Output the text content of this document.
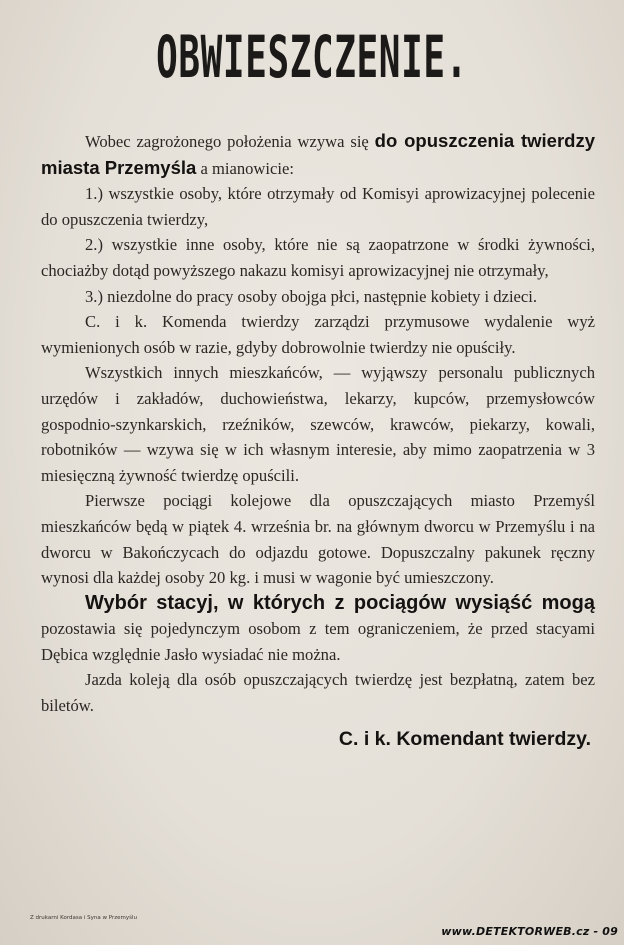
OBWIESZCZENIE.

Wobec zagrożonego położenia wzywa się do opuszczenia twierdzy miasta Przemyśla a mianowicie:

1.) wszystkie osoby, które otrzymały od Komisyi aprowizacyjnej polecenie do opuszczenia twierdzy,

2.) wszystkie inne osoby, które nie są zaopatrzone w środki żywności, chociażby dotąd powyższego nakazu komisyi aprowizacyjnej nie otrzymały,

3.) niezdolne do pracy osoby obojga płci, następnie kobiety i dzieci.

C. i k. Komenda twierdzy zarządzi przymusowe wydalenie wyż wymienionych osób w razie, gdyby dobrowolnie twierdzy nie opuściły.

Wszystkich innych mieszkańców, — wyjąwszy personalu publicznych urzędów i zakładów, duchowieństwa, lekarzy, kupców, przemysłowców gospodnio-szynkarskich, rzeźników, szewców, krawców, piekarzy, kowali, robotników — wzywa się w ich własnym interesie, aby mimo zaopatrzenia w 3 miesięczną żywność twierdzę opuścili.

Pierwsze pociągi kolejowe dla opuszczających miasto Przemyśl mieszkańców będą w piątek 4. września br. na głównym dworcu w Przemyślu i na dworcu w Bakończycach do odjazdu gotowe. Dopuszczalny pakunek ręczny wynosi dla każdej osoby 20 kg. i musi w wagonie być umieszczony.

Wybór stacyj, w których z pociągów wysiąść mogą pozostawia się pojedynczym osobom z tem ograniczeniem, że przed stacyami Dębica względnie Jasło wysiadać nie można.

Jazda koleją dla osób opuszczających twierdzę jest bezpłatną, zatem bez biletów.

C. i k. Komendant twierdzy.

Z drukarni Kordasa i Syna w Przemyślu
www.DETEKTORWEB.cz - 09
